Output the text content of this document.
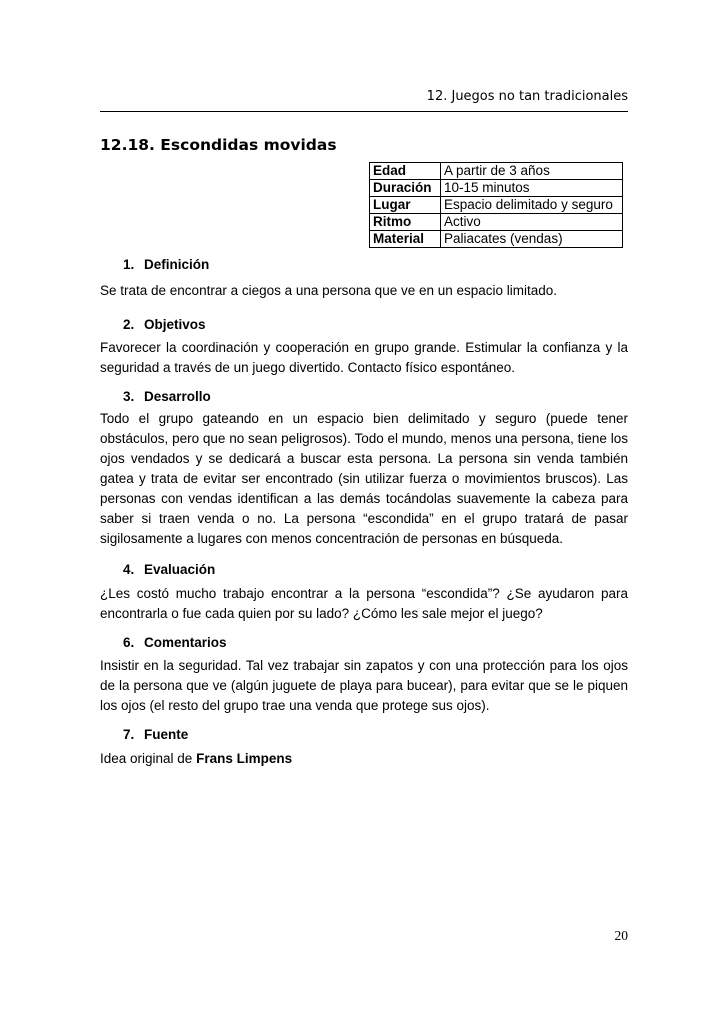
12. Juegos no tan tradicionales
12.18. Escondidas movidas
Edad	A partir de 3 años
Duración	10-15 minutos
Lugar	Espacio delimitado y seguro
Ritmo	Activo
Material	Paliacates (vendas)
1. Definición

Se trata de encontrar a ciegos a una persona que ve en un espacio limitado.

2. Objetivos

Favorecer la coordinación y cooperación en grupo grande. Estimular la confianza y la seguridad a través de un juego divertido. Contacto físico espontáneo.

3. Desarrollo

Todo el grupo gateando en un espacio bien delimitado y seguro (puede tener obstáculos, pero que no sean peligrosos). Todo el mundo, menos una persona, tiene los ojos vendados y se dedicará a buscar esta persona. La persona sin venda también gatea y trata de evitar ser encontrado (sin utilizar fuerza o movimientos bruscos). Las personas con vendas identifican a las demás tocándolas suavemente la cabeza para saber si traen venda o no. La persona “escondida” en el grupo tratará de pasar sigilosamente a lugares con menos concentración de personas en búsqueda.

4. Evaluación

¿Les costó mucho trabajo encontrar a la persona “escondida”? ¿Se ayudaron para encontrarla o fue cada quien por su lado? ¿Cómo les sale mejor el juego?

6. Comentarios

Insistir en la seguridad. Tal vez trabajar sin zapatos y con una protección para los ojos de la persona que ve (algún juguete de playa para bucear), para evitar que se le piquen los ojos (el resto del grupo trae una venda que protege sus ojos).

7. Fuente

Idea original de Frans Limpens

20
